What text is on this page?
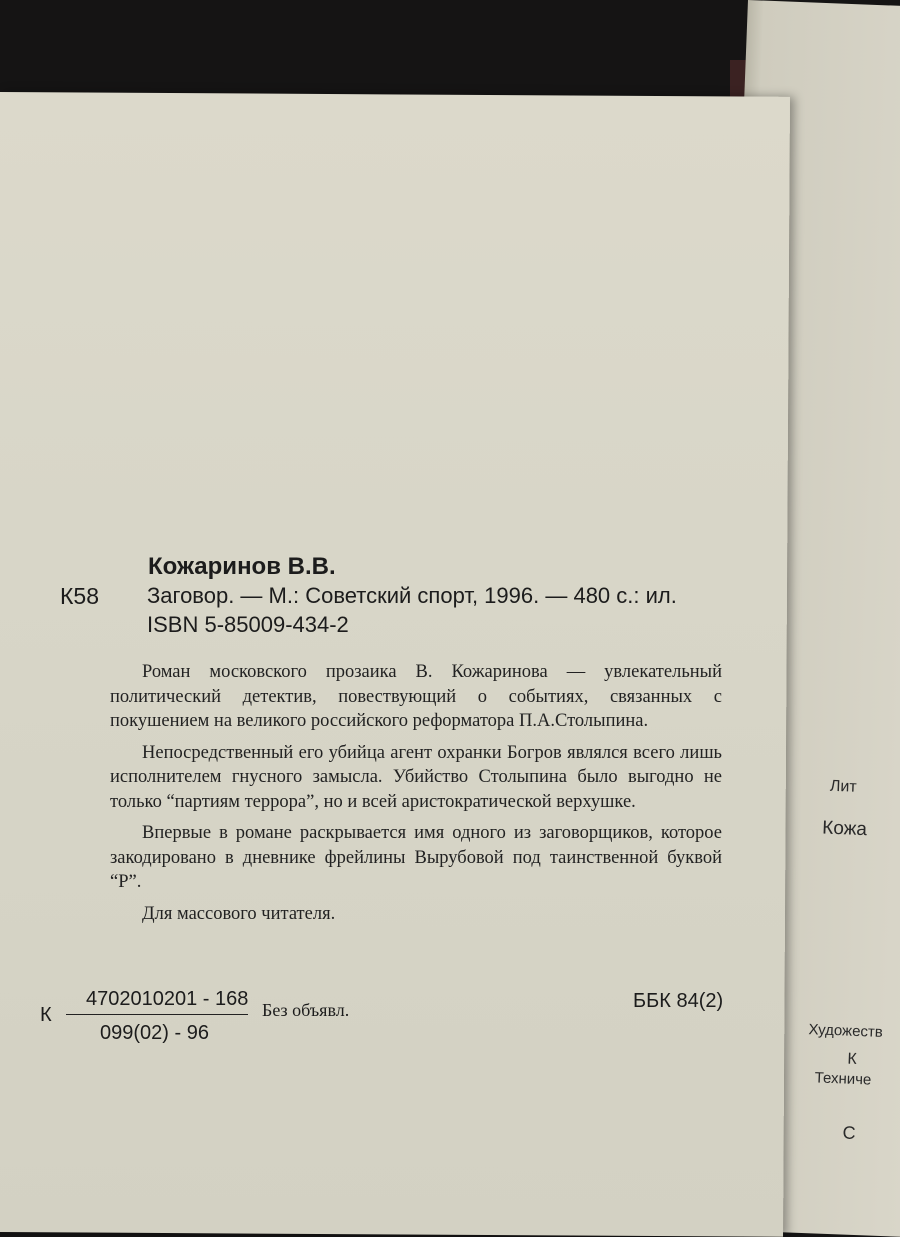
Лит
Кожа
Художеств
К
Техниче
С
Кожаринов В.В.
К58 Заговор. — М.: Советский спорт, 1996. — 480 с.: ил.
ISBN 5-85009-434-2

Роман московского прозаика В. Кожаринова — увлекательный политический детектив, повествующий о событиях, связанных с покушением на великого российского реформатора П.А.Столыпина.

Непосредственный его убийца агент охранки Богров являлся всего лишь исполнителем гнусного замысла. Убийство Столыпина было выгодно не только “партиям террора”, но и всей аристократической верхушке.

Впервые в романе раскрывается имя одного из заговорщиков, которое закодировано в дневнике фрейлины Вырубовой под таинственной буквой “Р”.

Для массового читателя.

К
4702010201 - 168
099(02) - 96
Без объявл.	ББК 84(2)
